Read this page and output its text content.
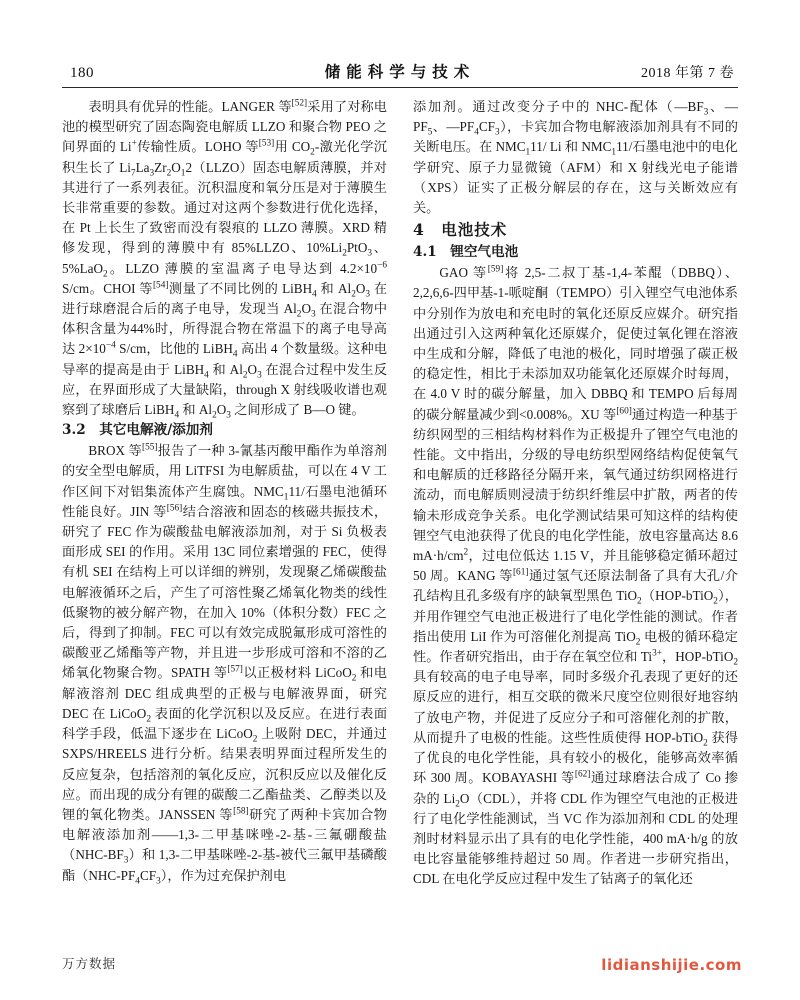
180	储能科学与技术	2018 年第 7 卷

表明具有优异的性能。LANGER 等[52]采用了对称电池的模型研究了固态陶瓷电解质 LLZO 和聚合物 PEO 之间界面的 Li+传输性质。LOHO 等[53]用 $CO_2-$激光化学沉积生长了 $Li_7La_3Zr_2O_12(LLZO)$固态电解质薄膜，并对其进行了一系列表征。沉积温度和氧分压是对于薄膜生长非常重要的参数。通过对这两个参数进行优化选择，在 Pt 上长生了致密而没有裂痕的 LLZO 薄膜。XRD 精修发现，得到的薄膜中有 85%LLZO、$10\%Li_2PtO_3$、5%LaO$_2$。LLZO 薄膜的室温离子电导达到 $4.2\times 10^{-6}$ S/cm。CHOI 等[54]测量了不同比例的 LiBH$_4$ 和 $Al_2O_3$ 在进行球磨混合后的离子电导，发现当 $Al_2O_3$ 在混合物中体积含量为44%时，所得混合物在常温下的离子电导高达 $2\times 10^{-4}$ S/cm，比他的 LiBH$_4$ 高出 4 个数量级。这种电导率的提高是由于 LiBH$_4$ 和 $Al_2O_3$ 在混合过程中发生反应，在界面形成了大量缺陷，through X 射线吸收谱也观察到了球磨后 LiBH$_4$ 和 $Al_2O_3$ 之间形成了 B—O 键。

3.2　其它电解液/添加剂

BROX 等[55]报告了一种 3-氰基丙酸甲酯作为单溶剂的安全型电解质，用 LiTFSI 为电解质盐，可以在 4 V 工作区间下对铝集流体产生腐蚀。$NMC_111/$石墨电池循环性能良好。JIN 等[56]结合溶液和固态的核磁共振技术，研究了 FEC 作为碳酸盐电解液添加剂，对于 Si 负极表面形成 SEI 的作用。采用 13C 同位素增强的 FEC，使得有机 SEI 在结构上可以详细的辨别，发现聚乙烯碳酸盐电解液循环之后，产生了可溶性聚乙烯氧化物类的线性低聚物的被分解产物，在加入 10%（体积分数）FEC 之后，得到了抑制。FEC 可以有效完成脱氟形成可溶性的碳酸亚乙烯酯等产物，并且进一步形成可溶和不溶的乙烯氧化物聚合物。SPATH 等[57]以正极材料 LiCoO$_2$ 和电解液溶剂 DEC 组成典型的正极与电解液界面，研究 DEC 在 LiCoO$_2$ 表面的化学沉积以及反应。在进行表面科学手段，低温下逐步在 LiCoO$_2$ 上吸附 DEC，并通过 SXPS/HREELS 进行分析。结果表明界面过程所发生的反应复杂，包括溶剂的氧化反应，沉积反应以及催化反应。而出现的成分有锂的碳酸二乙酯盐类、乙醇类以及锂的氧化物类。JANSSEN 等[58]研究了两种卡宾加合物电解液添加剂——1,3-二甲基咪唑-2-基-三氟硼酸盐$(NHC-BF_3)$和 1,3-二甲基咪唑-2-基-被代三氟甲基磷酸酯$(NHC-PF_4CF_3)$，作为过充保护剂电

添加剂。通过改变分子中的 NHC-配体（$—BF_3$、$—PF_5$、$—PF_4CF_3$），卡宾加合物电解液添加剂具有不同的关断电压。在 $NMC_111/$ Li 和 $NMC_111/$石墨电池中的电化学研究、原子力显微镜（AFM）和 X 射线光电子能谱（XPS）证实了正极分解层的存在，这与关断效应有关。

4　电池技术

4.1　锂空气电池

GAO 等[59]将 2,5-二叔丁基-1,4-苯醌（DBBQ）、2,2,6,6-四甲基-1-哌啶酮（TEMPO）引入锂空气电池体系中分别作为放电和充电时的氧化还原反应媒介。研究指出通过引入这两种氧化还原媒介，促使过氧化锂在溶液中生成和分解，降低了电池的极化，同时增强了碳正极的稳定性，相比于未添加双功能氧化还原媒介时每周，在 4.0 V 时的碳分解量，加入 DBBQ 和 TEMPO 后每周的碳分解量减少到<0.008%。XU 等[60]通过构造一种基于纺织网型的三相结构材料作为正极提升了锂空气电池的性能。文中指出，分级的导电纺织型网络结构促使氧气和电解质的迁移路径分隔开来，氧气通过纺织网格进行流动，而电解质则浸渍于纺织纤维层中扩散，两者的传输未形成竞争关系。电化学测试结果可知这样的结构使锂空气电池获得了优良的电化学性能，放电容量高达 8.6 $mA\cdot h/cm^2$，过电位低达 1.15 V，并且能够稳定循环超过 50 周。KANG 等[61]通过氢气还原法制备了具有大孔/介孔结构且孔多级有序的缺氧型黑色 TiO$_2$（HOP-bTiO$_2$），并用作锂空气电池正极进行了电化学性能的测试。作者指出使用 LiI 作为可溶催化剂提高 TiO$_2$ 电极的循环稳定性。作者研究指出，由于存在氧空位和 $Ti^{3+}$，HOP-bTiO$_2$ 具有较高的电子电导率，同时多级介孔表现了更好的还原反应的进行，相互交联的微米尺度空位则很好地容纳了放电产物，并促进了反应分子和可溶催化剂的扩散，从而提升了电极的性能。这些性质使得 HOP-bTiO$_2$ 获得了优良的电化学性能，具有较小的极化，能够高效率循环 300 周。KOBAYASHI 等[62]通过球磨法合成了 Co 掺杂的 $Li_2O(CDL)$，并将 CDL 作为锂空气电池的正极进行了电化学性能测试，当 VC 作为添加剂和 CDL 的处理剂时材料显示出了具有的电化学性能，400 mA·h/g 的放电比容量能够维持超过 50 周。作者进一步研究指出，CDL 在电化学反应过程中发生了钴离子的氧化还

万方数据	lidianshijie.com
